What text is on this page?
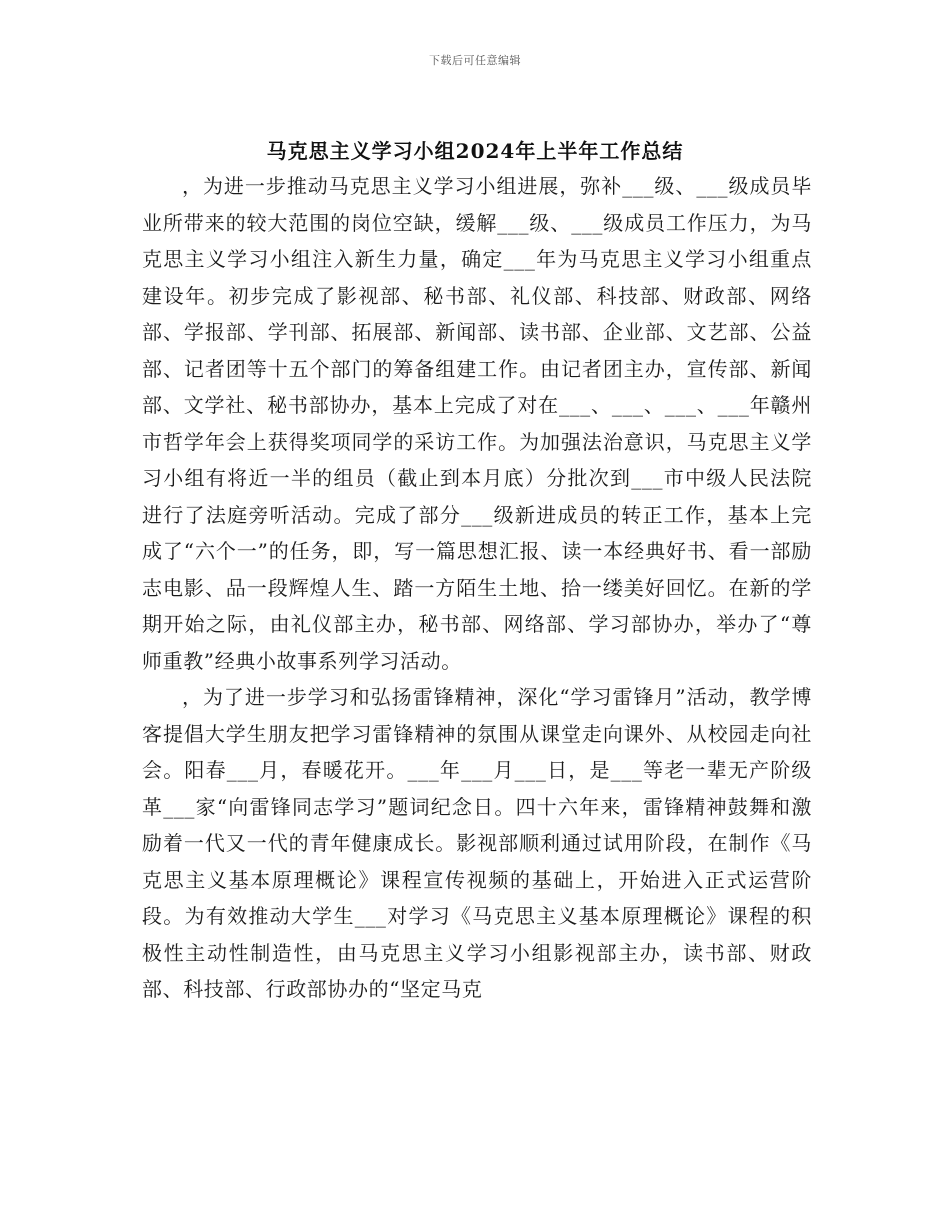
下载后可任意编辑
马克思主义学习小组2024年上半年工作总结

，为进一步推动马克思主义学习小组进展，弥补___级、___级成员毕业所带来的较大范围的岗位空缺，缓解___级、___级成员工作压力，为马克思主义学习小组注入新生力量，确定___年为马克思主义学习小组重点建设年。初步完成了影视部、秘书部、礼仪部、科技部、财政部、网络部、学报部、学刊部、拓展部、新闻部、读书部、企业部、文艺部、公益部、记者团等十五个部门的筹备组建工作。由记者团主办，宣传部、新闻部、文学社、秘书部协办，基本上完成了对在___、___、___、___年赣州市哲学年会上获得奖项同学的采访工作。为加强法治意识，马克思主义学习小组有将近一半的组员（截止到本月底）分批次到___市中级人民法院进行了法庭旁听活动。完成了部分___级新进成员的转正工作，基本上完成了“六个一”的任务，即，写一篇思想汇报、读一本经典好书、看一部励志电影、品一段辉煌人生、踏一方陌生土地、拾一缕美好回忆。在新的学期开始之际，由礼仪部主办，秘书部、网络部、学习部协办，举办了“尊师重教”经典小故事系列学习活动。

，为了进一步学习和弘扬雷锋精神，深化“学习雷锋月”活动，教学博客提倡大学生朋友把学习雷锋精神的氛围从课堂走向课外、从校园走向社会。阳春___月，春暖花开。___年___月___日，是___等老一辈无产阶级革___家“向雷锋同志学习”题词纪念日。四十六年来，雷锋精神鼓舞和激励着一代又一代的青年健康成长。影视部顺利通过试用阶段，在制作《马克思主义基本原理概论》课程宣传视频的基础上，开始进入正式运营阶段。为有效推动大学生___对学习《马克思主义基本原理概论》课程的积极性主动性制造性，由马克思主义学习小组影视部主办，读书部、财政部、科技部、行政部协办的“坚定马克
